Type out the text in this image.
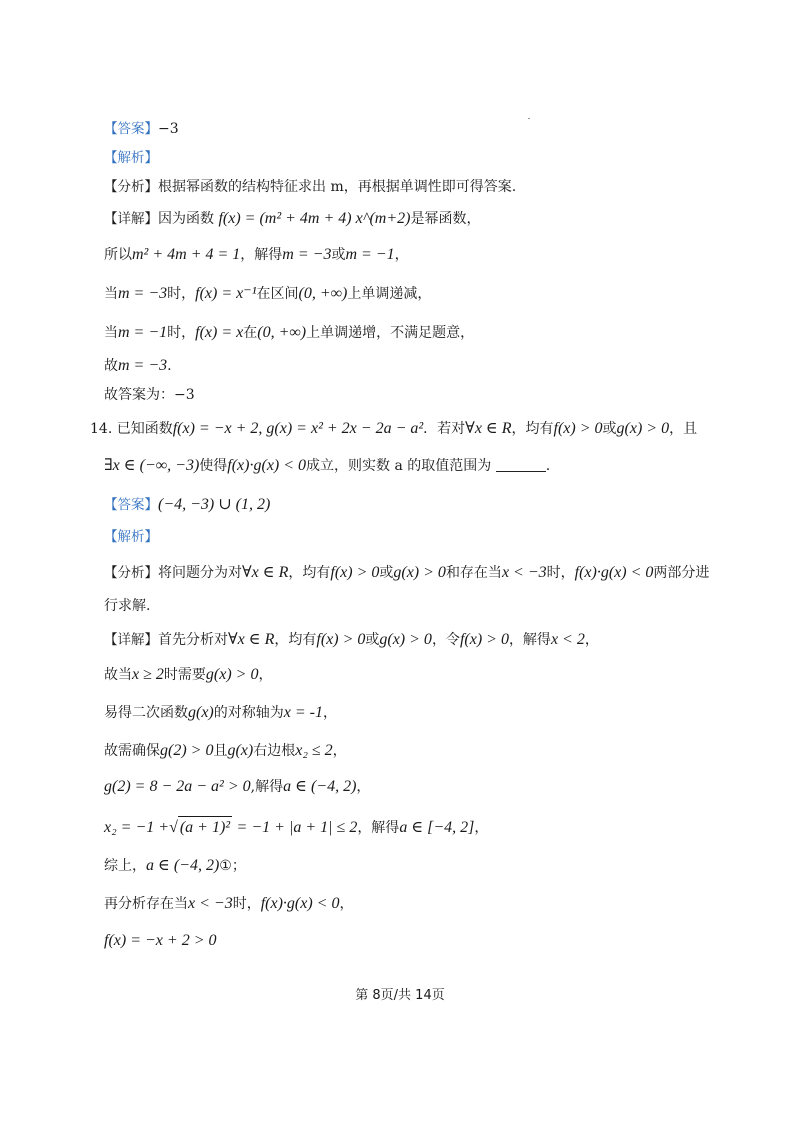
【答案】−3
【解析】
【分析】根据幂函数的结构特征求出 m，再根据单调性即可得答案.
【详解】因为函数 f(x) = (m² + 4m + 4) x^(m+2)是幂函数，
所以m² + 4m + 4 = 1，解得m = −3或m = −1，
当m = −3时，f(x) = x⁻¹在区间(0, +∞)上单调递减，
当m = −1时，f(x) = x在(0, +∞)上单调递增，不满足题意，
故m = −3.
故答案为：−3
14. 已知函数f(x) = −x + 2, g(x) = x² + 2x − 2a − a²．若对∀x ∈ R，均有f(x) > 0或g(x) > 0，且
∃x ∈ (−∞, −3)使得f(x)·g(x) < 0成立，则实数 a 的取值范围为	.
【答案】(−4, −3) ∪ (1, 2)
【解析】
【分析】将问题分为对∀x ∈ R，均有f(x) > 0或g(x) > 0和存在当x < −3时，f(x)·g(x) < 0两部分进
行求解.
【详解】首先分析对∀x ∈ R，均有f(x) > 0或g(x) > 0，令f(x) > 0，解得x < 2，
故当x ≥ 2时需要g(x) > 0，
易得二次函数g(x)的对称轴为x = -1，
故需确保g(2) > 0且g(x)右边根x₂ ≤ 2，
g(2) = 8 − 2a − a² > 0,解得a ∈ (−4, 2)，
x₂ = −1 +√ (a + 1)² = −1 + |a + 1| ≤ 2，解得a ∈ [−4, 2]，
综上，a ∈ (−4, 2)①；
再分析存在当x < −3时，f(x)·g(x) < 0，
f(x) = −x + 2 > 0
第 8页/共 14页
